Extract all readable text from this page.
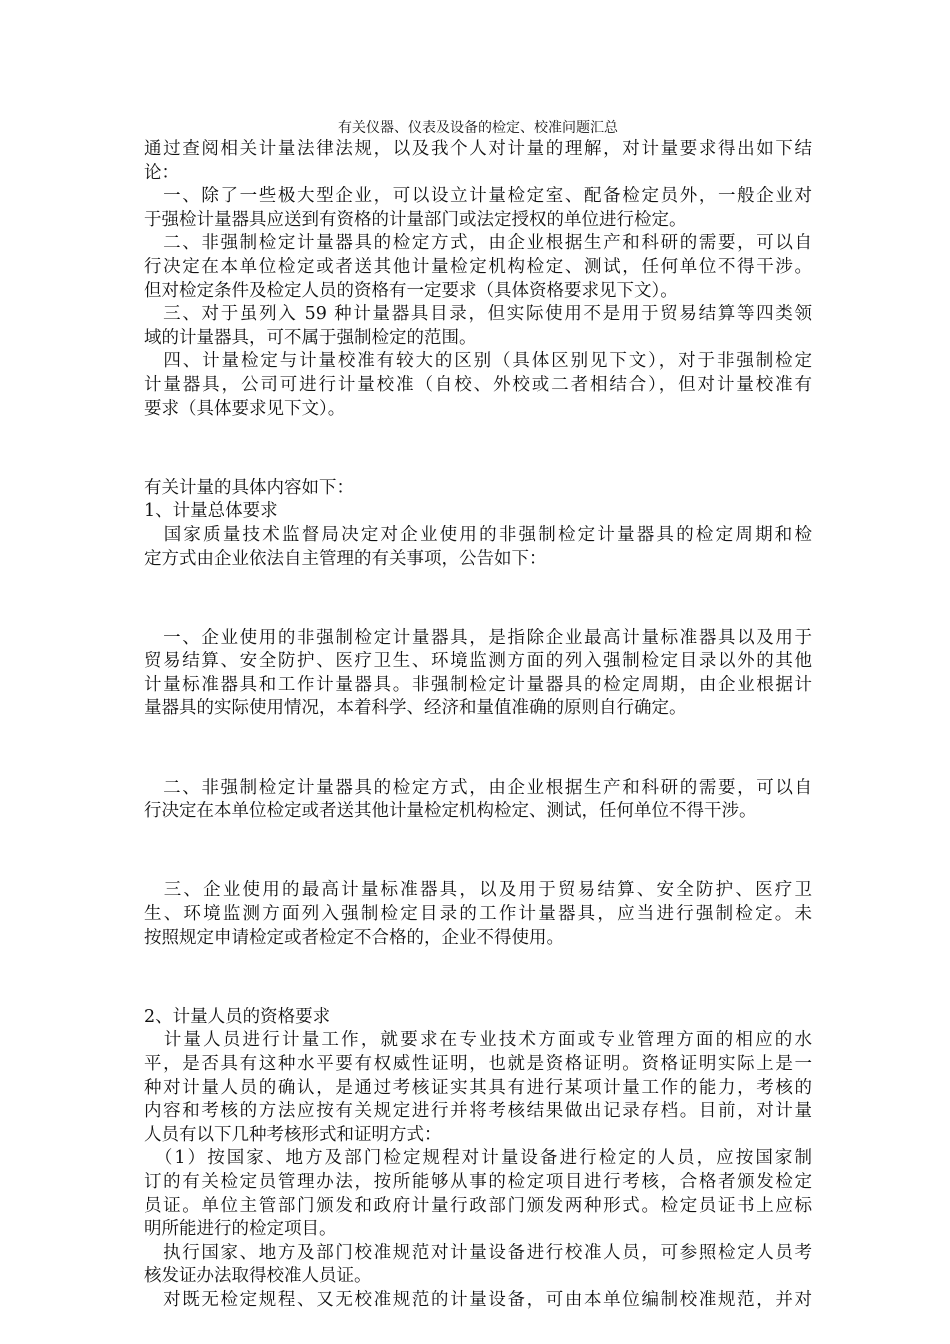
有关仪器、仪表及设备的检定、校准问题汇总

通过查阅相关计量法律法规，以及我个人对计量的理解，对计量要求得出如下结

论：

　一、除了一些极大型企业，可以设立计量检定室、配备检定员外，一般企业对

于强检计量器具应送到有资格的计量部门或法定授权的单位进行检定。

　二、非强制检定计量器具的检定方式，由企业根据生产和科研的需要，可以自

行决定在本单位检定或者送其他计量检定机构检定、测试，任何单位不得干涉。

但对检定条件及检定人员的资格有一定要求（具体资格要求见下文）。

　三、对于虽列入 59 种计量器具目录，但实际使用不是用于贸易结算等四类领

域的计量器具，可不属于强制检定的范围。

　四、计量检定与计量校准有较大的区别（具体区别见下文），对于非强制检定

计量器具，公司可进行计量校准（自校、外校或二者相结合），但对计量校准有

要求（具体要求见下文）。

有关计量的具体内容如下：

1、计量总体要求

　国家质量技术监督局决定对企业使用的非强制检定计量器具的检定周期和检

定方式由企业依法自主管理的有关事项，公告如下：

　一、企业使用的非强制检定计量器具，是指除企业最高计量标准器具以及用于

贸易结算、安全防护、医疗卫生、环境监测方面的列入强制检定目录以外的其他

计量标准器具和工作计量器具。非强制检定计量器具的检定周期，由企业根据计

量器具的实际使用情况，本着科学、经济和量值准确的原则自行确定。

　二、非强制检定计量器具的检定方式，由企业根据生产和科研的需要，可以自

行决定在本单位检定或者送其他计量检定机构检定、测试，任何单位不得干涉。

　三、企业使用的最高计量标准器具，以及用于贸易结算、安全防护、医疗卫

生、环境监测方面列入强制检定目录的工作计量器具，应当进行强制检定。未

按照规定申请检定或者检定不合格的，企业不得使用。

2、计量人员的资格要求

　计量人员进行计量工作，就要求在专业技术方面或专业管理方面的相应的水

平，是否具有这种水平要有权威性证明，也就是资格证明。资格证明实际上是一

种对计量人员的确认，是通过考核证实其具有进行某项计量工作的能力，考核的

内容和考核的方法应按有关规定进行并将考核结果做出记录存档。目前，对计量

人员有以下几种考核形式和证明方式：

　（1）按国家、地方及部门检定规程对计量设备进行检定的人员，应按国家制

订的有关检定员管理办法，按所能够从事的检定项目进行考核，合格者颁发检定

员证。单位主管部门颁发和政府计量行政部门颁发两种形式。检定员证书上应标

明所能进行的检定项目。

　执行国家、地方及部门校准规范对计量设备进行校准人员，可参照检定人员考

核发证办法取得校准人员证。

　对既无检定规程、又无校准规范的计量设备，可由本单位编制校准规范，并对
